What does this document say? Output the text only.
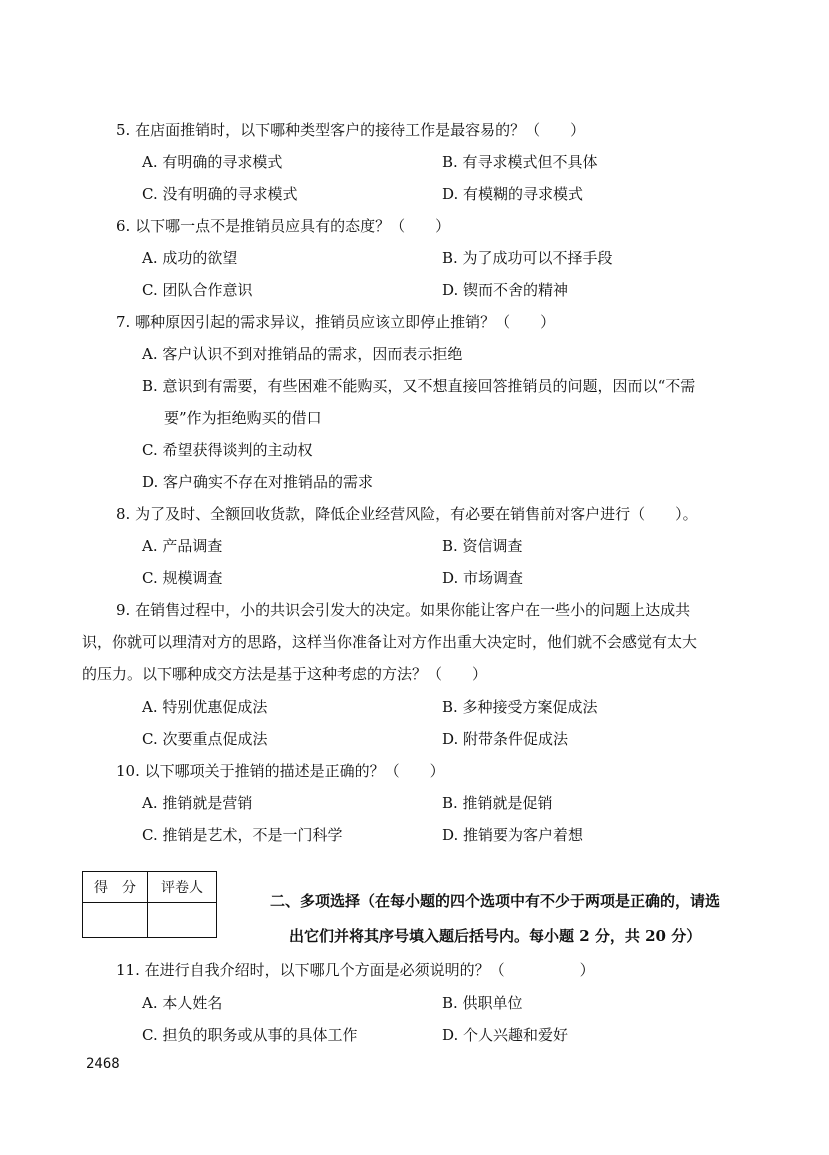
5. 在店面推销时，以下哪种类型客户的接待工作是最容易的？（　　）
A. 有明确的寻求模式	B. 有寻求模式但不具体
C. 没有明确的寻求模式	D. 有模糊的寻求模式
6. 以下哪一点不是推销员应具有的态度？（　　）
A. 成功的欲望	B. 为了成功可以不择手段
C. 团队合作意识	D. 锲而不舍的精神
7. 哪种原因引起的需求异议，推销员应该立即停止推销？（　　）
A. 客户认识不到对推销品的需求，因而表示拒绝
B. 意识到有需要，有些困难不能购买，又不想直接回答推销员的问题，因而以“不需
要”作为拒绝购买的借口
C. 希望获得谈判的主动权
D. 客户确实不存在对推销品的需求
8. 为了及时、全额回收货款，降低企业经营风险，有必要在销售前对客户进行（　　）。
A. 产品调查	B. 资信调查
C. 规模调查	D. 市场调查
9. 在销售过程中，小的共识会引发大的决定。如果你能让客户在一些小的问题上达成共
识，你就可以理清对方的思路，这样当你准备让对方作出重大决定时，他们就不会感觉有太大
的压力。以下哪种成交方法是基于这种考虑的方法？（　　）
A. 特别优惠促成法	B. 多种接受方案促成法
C. 次要重点促成法	D. 附带条件促成法
10. 以下哪项关于推销的描述是正确的？（　　）
A. 推销就是营销	B. 推销就是促销
C. 推销是艺术，不是一门科学	D. 推销要为客户着想
得　分	评卷人

二、多项选择（在每小题的四个选项中有不少于两项是正确的，请选
出它们并将其序号填入题后括号内。每小题 2 分，共 20 分）
11. 在进行自我介绍时，以下哪几个方面是必须说明的？（　　　　　）
A. 本人姓名	B. 供职单位
C. 担负的职务或从事的具体工作	D. 个人兴趣和爱好
2468
